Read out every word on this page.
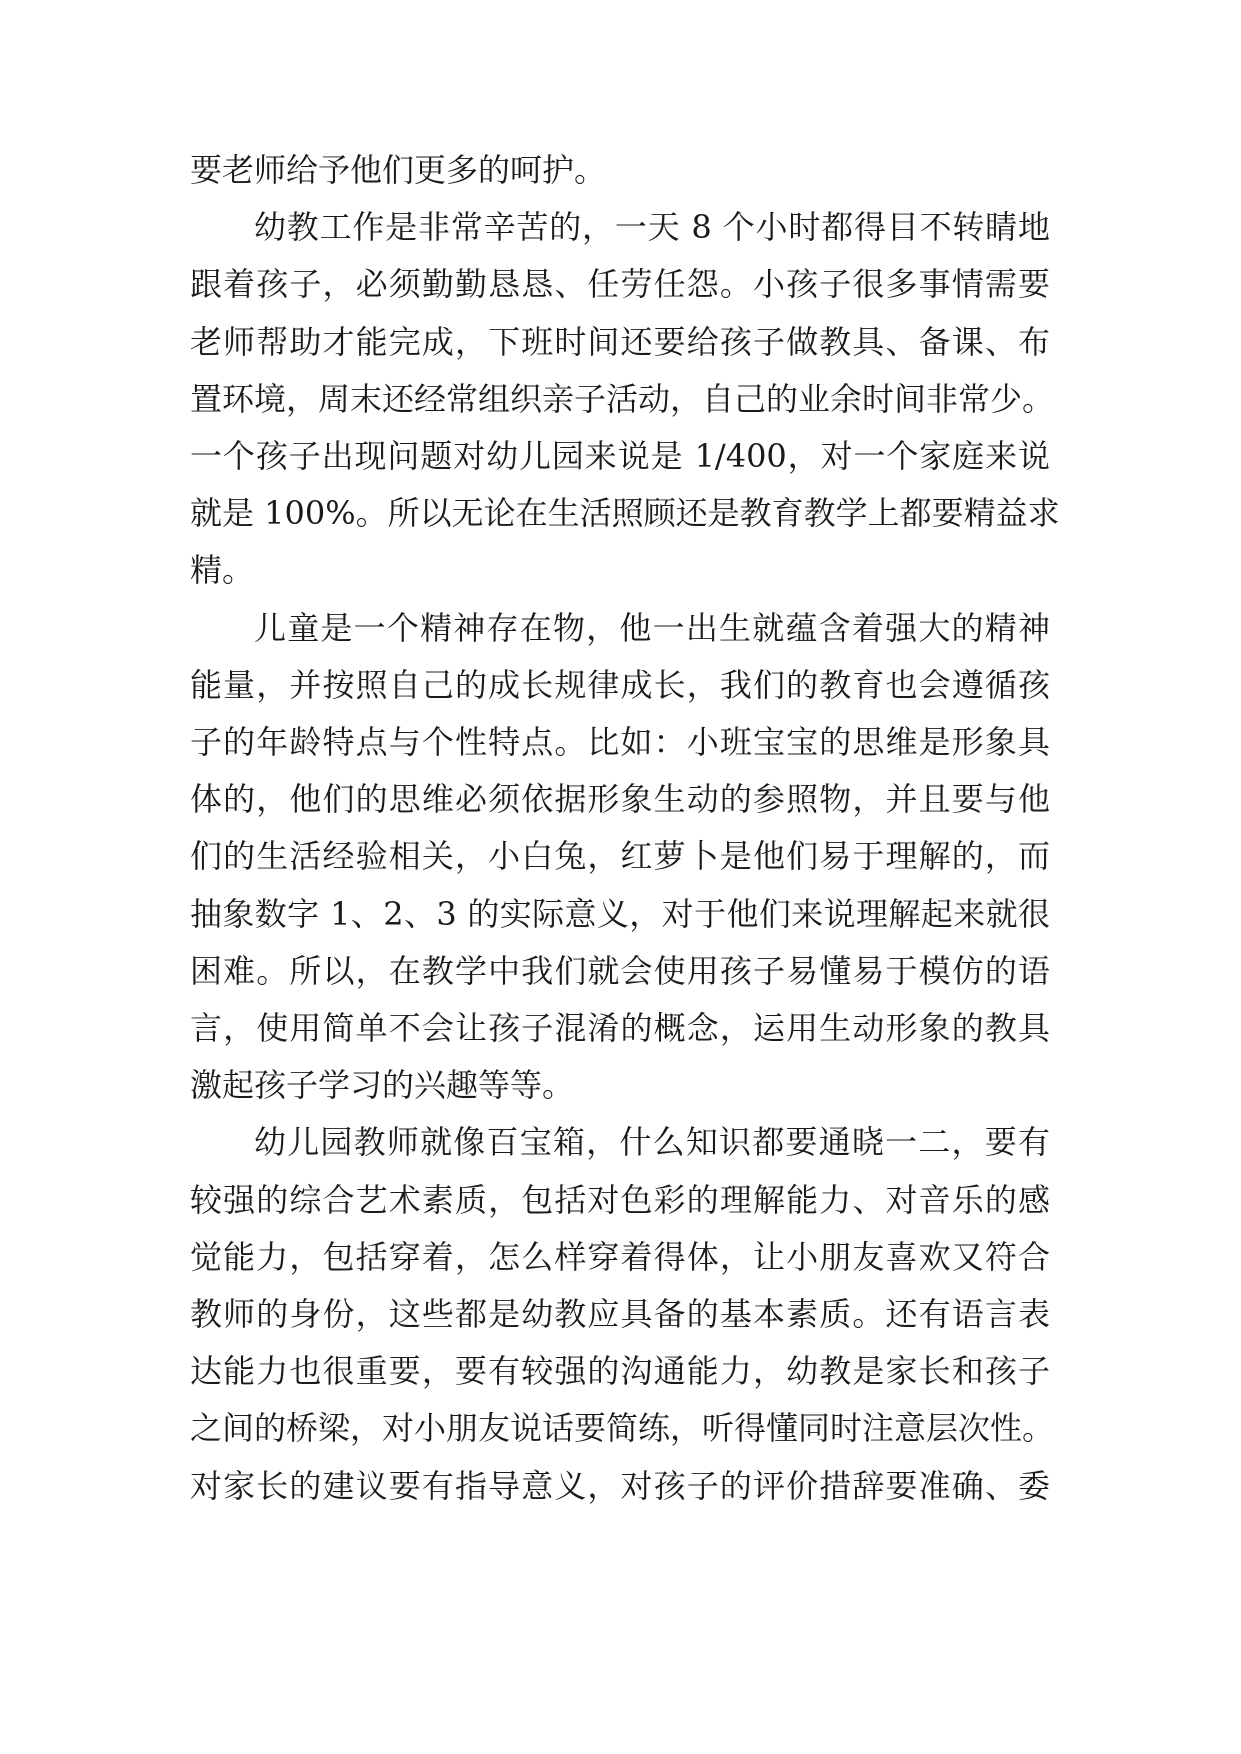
要老师给予他们更多的呵护。
幼教工作是非常辛苦的，一天 8 个小时都得目不转睛地
跟着孩子，必须勤勤恳恳、任劳任怨。小孩子很多事情需要
老师帮助才能完成，下班时间还要给孩子做教具、备课、布
置环境，周末还经常组织亲子活动，自己的业余时间非常少。
一个孩子出现问题对幼儿园来说是 1/400，对一个家庭来说
就是 100%。所以无论在生活照顾还是教育教学上都要精益求
精。
儿童是一个精神存在物，他一出生就蕴含着强大的精神
能量，并按照自己的成长规律成长，我们的教育也会遵循孩
子的年龄特点与个性特点。比如：小班宝宝的思维是形象具
体的，他们的思维必须依据形象生动的参照物，并且要与他
们的生活经验相关，小白兔，红萝卜是他们易于理解的，而
抽象数字 1、2、3 的实际意义，对于他们来说理解起来就很
困难。所以，在教学中我们就会使用孩子易懂易于模仿的语
言，使用简单不会让孩子混淆的概念，运用生动形象的教具
激起孩子学习的兴趣等等。
幼儿园教师就像百宝箱，什么知识都要通晓一二，要有
较强的综合艺术素质，包括对色彩的理解能力、对音乐的感
觉能力，包括穿着，怎么样穿着得体，让小朋友喜欢又符合
教师的身份，这些都是幼教应具备的基本素质。还有语言表
达能力也很重要，要有较强的沟通能力，幼教是家长和孩子
之间的桥梁，对小朋友说话要简练，听得懂同时注意层次性。
对家长的建议要有指导意义，对孩子的评价措辞要准确、委
